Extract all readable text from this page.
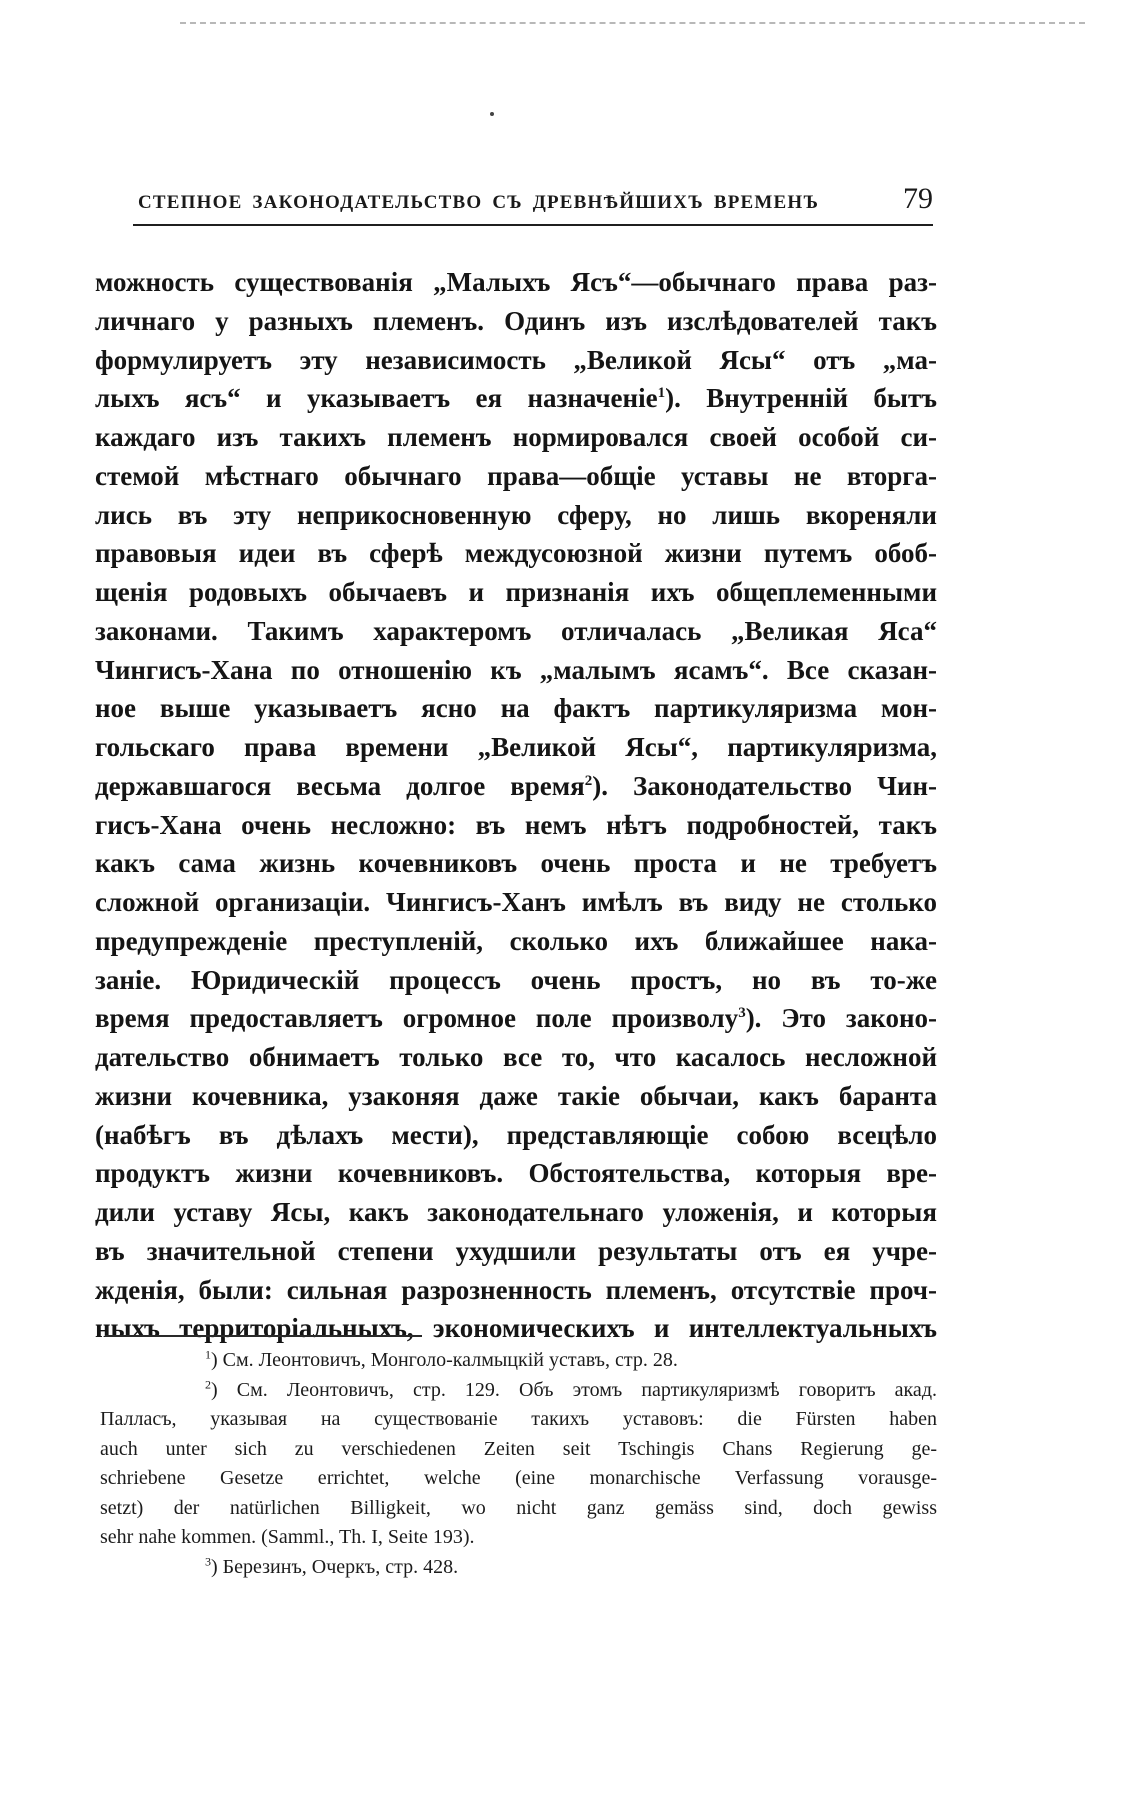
СТЕПНОЕ ЗАКОНОДАТЕЛЬСТВО СЪ ДРЕВНѢЙШИХЪ ВРЕМЕНЪ	79
можность существованія „Малыхъ Ясъ“—обычнаго права раз-
личнаго у разныхъ племенъ. Одинъ изъ изслѣдователей такъ
формулируетъ эту независимость „Великой Ясы“ отъ „ма-
лыхъ ясъ“ и указываетъ ея назначеніе$^1$). Внутренній бытъ
каждаго изъ такихъ племенъ нормировался своей особой си-
стемой мѣстнаго обычнаго права—общіе уставы не вторга-
лись въ эту неприкосновенную сферу, но лишь вкореняли
правовыя идеи въ сферѣ междусоюзной жизни путемъ обоб-
щенія родовыхъ обычаевъ и признанія ихъ общеплеменными
законами. Такимъ характеромъ отличалась „Великая Яса“
Чингисъ-Хана по отношенію къ „малымъ ясамъ“. Все сказан-
ное выше указываетъ ясно на фактъ партикуляризма мон-
гольскаго права времени „Великой Ясы“, партикуляризма,
державшагося весьма долгое время$^2$). Законодательство Чин-
гисъ-Хана очень несложно: въ немъ нѣтъ подробностей, такъ
какъ сама жизнь кочевниковъ очень проста и не требуетъ
сложной организаціи. Чингисъ-Ханъ имѣлъ въ виду не столько
предупрежденіе преступленій, сколько ихъ ближайшее нака-
заніе. Юридическій процессъ очень простъ, но въ то-же
время предоставляетъ огромное поле произволу$^3$). Это законо-
дательство обнимаетъ только все то, что касалось несложной
жизни кочевника, узаконяя даже такіе обычаи, какъ баранта
(набѣгъ въ дѣлахъ мести), представляющіе собою всецѣло
продуктъ жизни кочевниковъ. Обстоятельства, которыя вре-
дили уставу Ясы, какъ законодательнаго уложенія, и которыя
въ значительной степени ухудшили результаты отъ ея учре-
жденія, были: сильная разрозненность племенъ, отсутствіе проч-
ныхъ территоріальныхъ, экономическихъ и интеллектуальныхъ
$^1$) См. Леонтовичъ, Монголо-калмыцкій уставъ, стр. 28.
$^2$) См. Леонтовичъ, стр. 129. Объ этомъ партикуляризмѣ говоритъ акад.
Палласъ, указывая на существованіе такихъ уставовъ: die Fürsten haben
auch unter sich zu verschiedenen Zeiten seit Tschingis Chans Regierung ge-
schriebene Gesetze errichtet, welche (eine monarchische Verfassung vorausge-
setzt) der natürlichen Billigkeit, wo nicht ganz gemäss sind, doch gewiss
sehr nahe kommen. (Samml., Th. I, Seite 193).
$^3$) Березинъ, Очеркъ, стр. 428.
